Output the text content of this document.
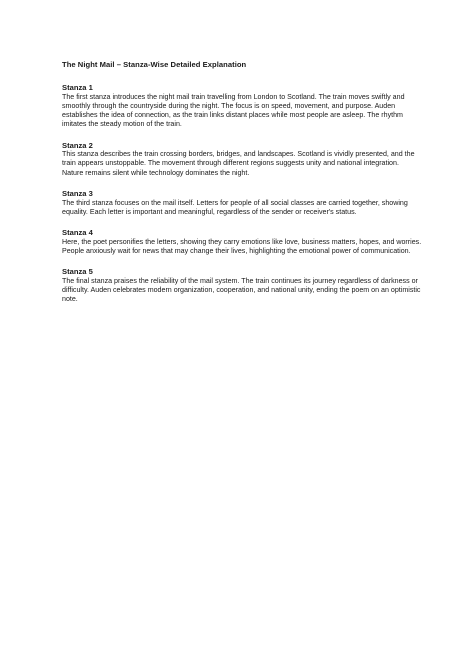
The Night Mail – Stanza-Wise Detailed Explanation

Stanza 1

The first stanza introduces the night mail train travelling from London to Scotland. The train moves swiftly and smoothly through the countryside during the night. The focus is on speed, movement, and purpose. Auden establishes the idea of connection, as the train links distant places while most people are asleep. The rhythm imitates the steady motion of the train.

Stanza 2

This stanza describes the train crossing borders, bridges, and landscapes. Scotland is vividly presented, and the train appears unstoppable. The movement through different regions suggests unity and national integration. Nature remains silent while technology dominates the night.

Stanza 3

The third stanza focuses on the mail itself. Letters for people of all social classes are carried together, showing equality. Each letter is important and meaningful, regardless of the sender or receiver's status.

Stanza 4

Here, the poet personifies the letters, showing they carry emotions like love, business matters, hopes, and worries. People anxiously wait for news that may change their lives, highlighting the emotional power of communication.

Stanza 5

The final stanza praises the reliability of the mail system. The train continues its journey regardless of darkness or difficulty. Auden celebrates modern organization, cooperation, and national unity, ending the poem on an optimistic note.
